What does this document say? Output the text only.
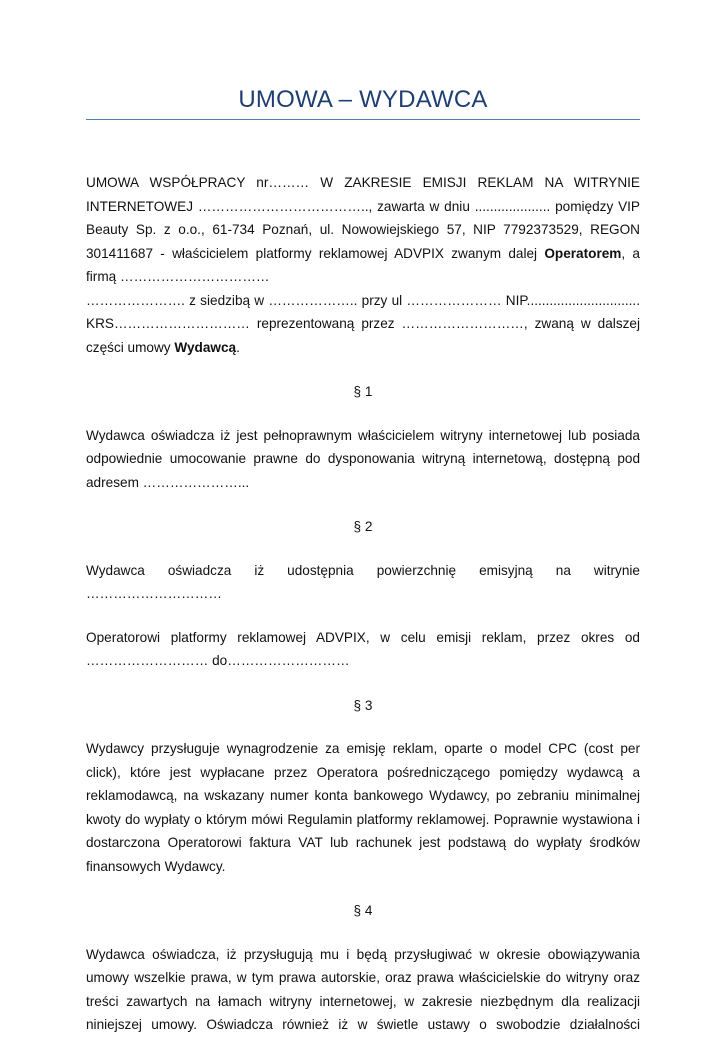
UMOWA – WYDAWCA

UMOWA WSPÓŁPRACY nr……… W ZAKRESIE EMISJI REKLAM NA WITRYNIE INTERNETOWEJ ……………………………….., zawarta w dniu .................... pomiędzy VIP Beauty Sp. z o.o., 61-734 Poznań, ul. Nowowiejskiego 57, NIP 7792373529, REGON 301411687 - właścicielem platformy reklamowej ADVPIX zwanym dalej Operatorem, a firmą ……………………………

…………………. z siedzibą w ……………….. przy ul ………………… NIP..............................

KRS………………………… reprezentowaną przez ………………………, zwaną w dalszej części umowy Wydawcą.

§ 1

Wydawca oświadcza iż jest pełnoprawnym właścicielem witryny internetowej lub posiada odpowiednie umocowanie prawne do dysponowania witryną internetową, dostępną pod adresem …………………...

§ 2

Wydawca oświadcza iż udostępnia powierzchnię emisyjną na witrynie …………………………

Operatorowi platformy reklamowej ADVPIX, w celu emisji reklam, przez okres od ……………………… do………………………

§ 3

Wydawcy przysługuje wynagrodzenie za emisję reklam, oparte o model CPC (cost per click), które jest wypłacane przez Operatora pośredniczącego pomiędzy wydawcą a reklamodawcą, na wskazany numer konta bankowego Wydawcy, po zebraniu minimalnej kwoty do wypłaty o którym mówi Regulamin platformy reklamowej. Poprawnie wystawiona i dostarczona Operatorowi faktura VAT lub rachunek jest podstawą do wypłaty środków finansowych Wydawcy.

§ 4

Wydawca oświadcza, iż przysługują mu i będą przysługiwać w okresie obowiązywania umowy wszelkie prawa, w tym prawa autorskie, oraz prawa właścicielskie do witryny oraz treści zawartych na łamach witryny internetowej, w zakresie niezbędnym dla realizacji niniejszej umowy. Oświadcza również iż w świetle ustawy o swobodzie działalności
